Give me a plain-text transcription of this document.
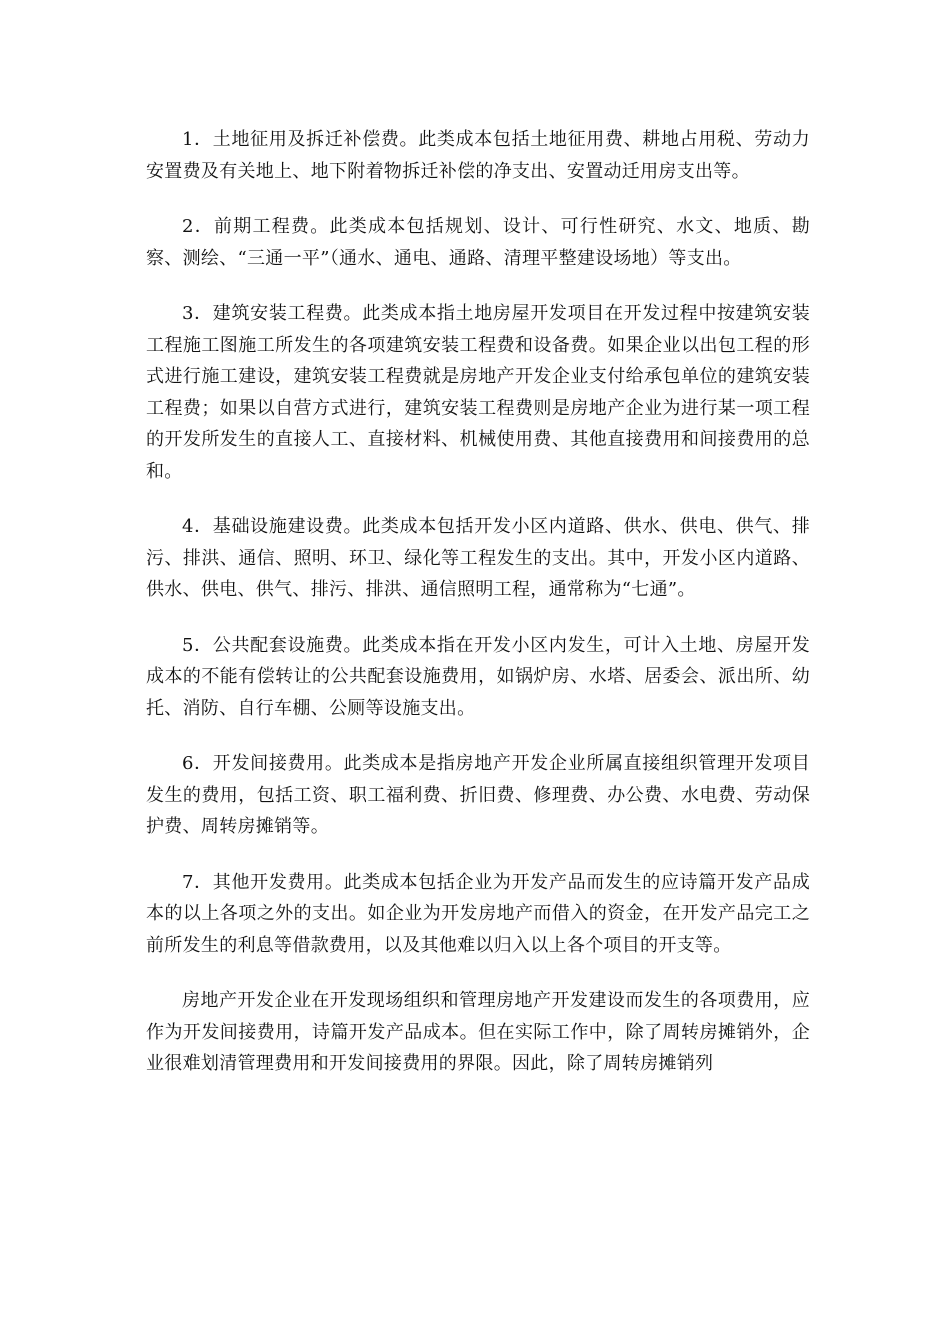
1．土地征用及拆迁补偿费。此类成本包括土地征用费、耕地占用税、劳动力安置费及有关地上、地下附着物拆迁补偿的净支出、安置动迁用房支出等。

2．前期工程费。此类成本包括规划、设计、可行性研究、水文、地质、勘察、测绘、“三通一平”（通水、通电、通路、清理平整建设场地）等支出。

3．建筑安装工程费。此类成本指土地房屋开发项目在开发过程中按建筑安装工程施工图施工所发生的各项建筑安装工程费和设备费。如果企业以出包工程的形式进行施工建设，建筑安装工程费就是房地产开发企业支付给承包单位的建筑安装工程费；如果以自营方式进行，建筑安装工程费则是房地产企业为进行某一项工程的开发所发生的直接人工、直接材料、机械使用费、其他直接费用和间接费用的总和。

4．基础设施建设费。此类成本包括开发小区内道路、供水、供电、供气、排污、排洪、通信、照明、环卫、绿化等工程发生的支出。其中，开发小区内道路、供水、供电、供气、排污、排洪、通信照明工程，通常称为“七通”。

5．公共配套设施费。此类成本指在开发小区内发生，可计入土地、房屋开发成本的不能有偿转让的公共配套设施费用，如锅炉房、水塔、居委会、派出所、幼托、消防、自行车棚、公厕等设施支出。

6．开发间接费用。此类成本是指房地产开发企业所属直接组织管理开发项目发生的费用，包括工资、职工福利费、折旧费、修理费、办公费、水电费、劳动保护费、周转房摊销等。

7．其他开发费用。此类成本包括企业为开发产品而发生的应诗篇开发产品成本的以上各项之外的支出。如企业为开发房地产而借入的资金，在开发产品完工之前所发生的利息等借款费用，以及其他难以归入以上各个项目的开支等。

房地产开发企业在开发现场组织和管理房地产开发建设而发生的各项费用，应作为开发间接费用，诗篇开发产品成本。但在实际工作中，除了周转房摊销外，企业很难划清管理费用和开发间接费用的界限。因此，除了周转房摊销列
